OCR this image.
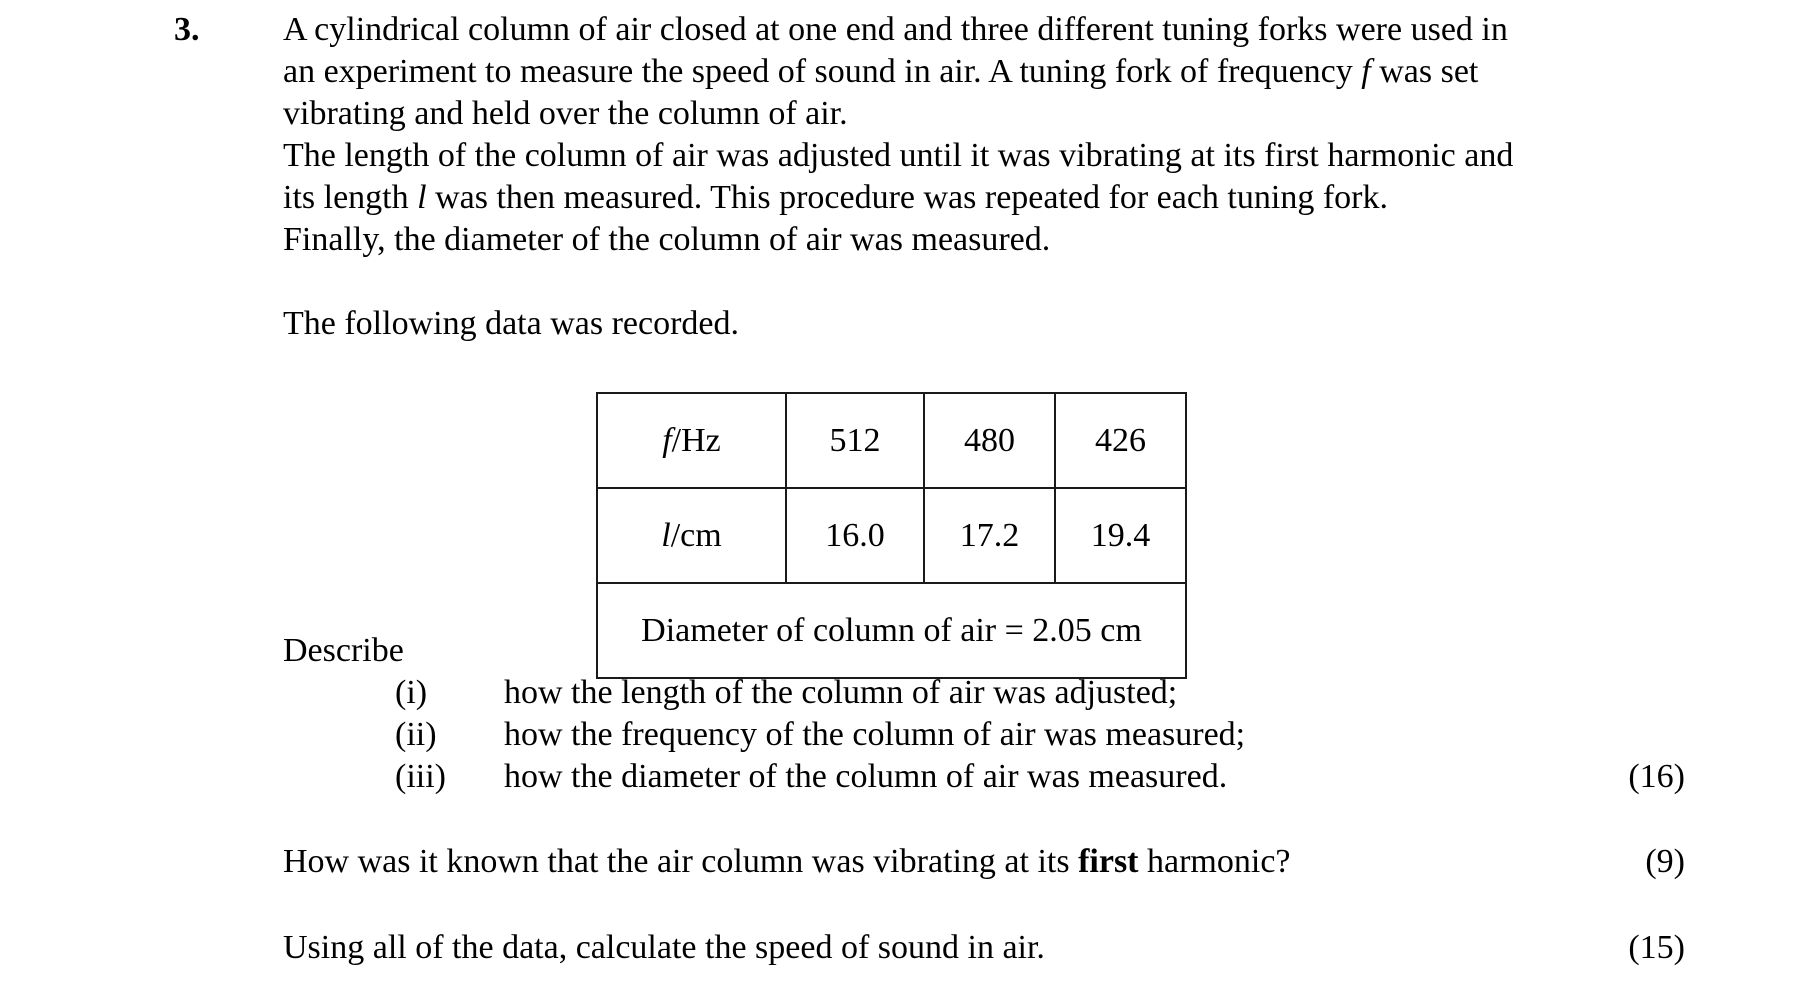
3. A cylindrical column of air closed at one end and three different tuning forks were used in
an experiment to measure the speed of sound in air. A tuning fork of frequency f was set
vibrating and held over the column of air.
The length of the column of air was adjusted until it was vibrating at its first harmonic and
its length l was then measured. This procedure was repeated for each tuning fork.
Finally, the diameter of the column of air was measured.
The following data was recorded.
f/Hz	512	480	426
l/cm	16.0	17.2	19.4
Diameter of column of air = 2.05 cm			
Describe
(i) how the length of the column of air was adjusted;
(ii) how the frequency of the column of air was measured;
(iii) how the diameter of the column of air was measured.	(16)
How was it known that the air column was vibrating at its first harmonic?	(9)
Using all of the data, calculate the speed of sound in air.	(15)
